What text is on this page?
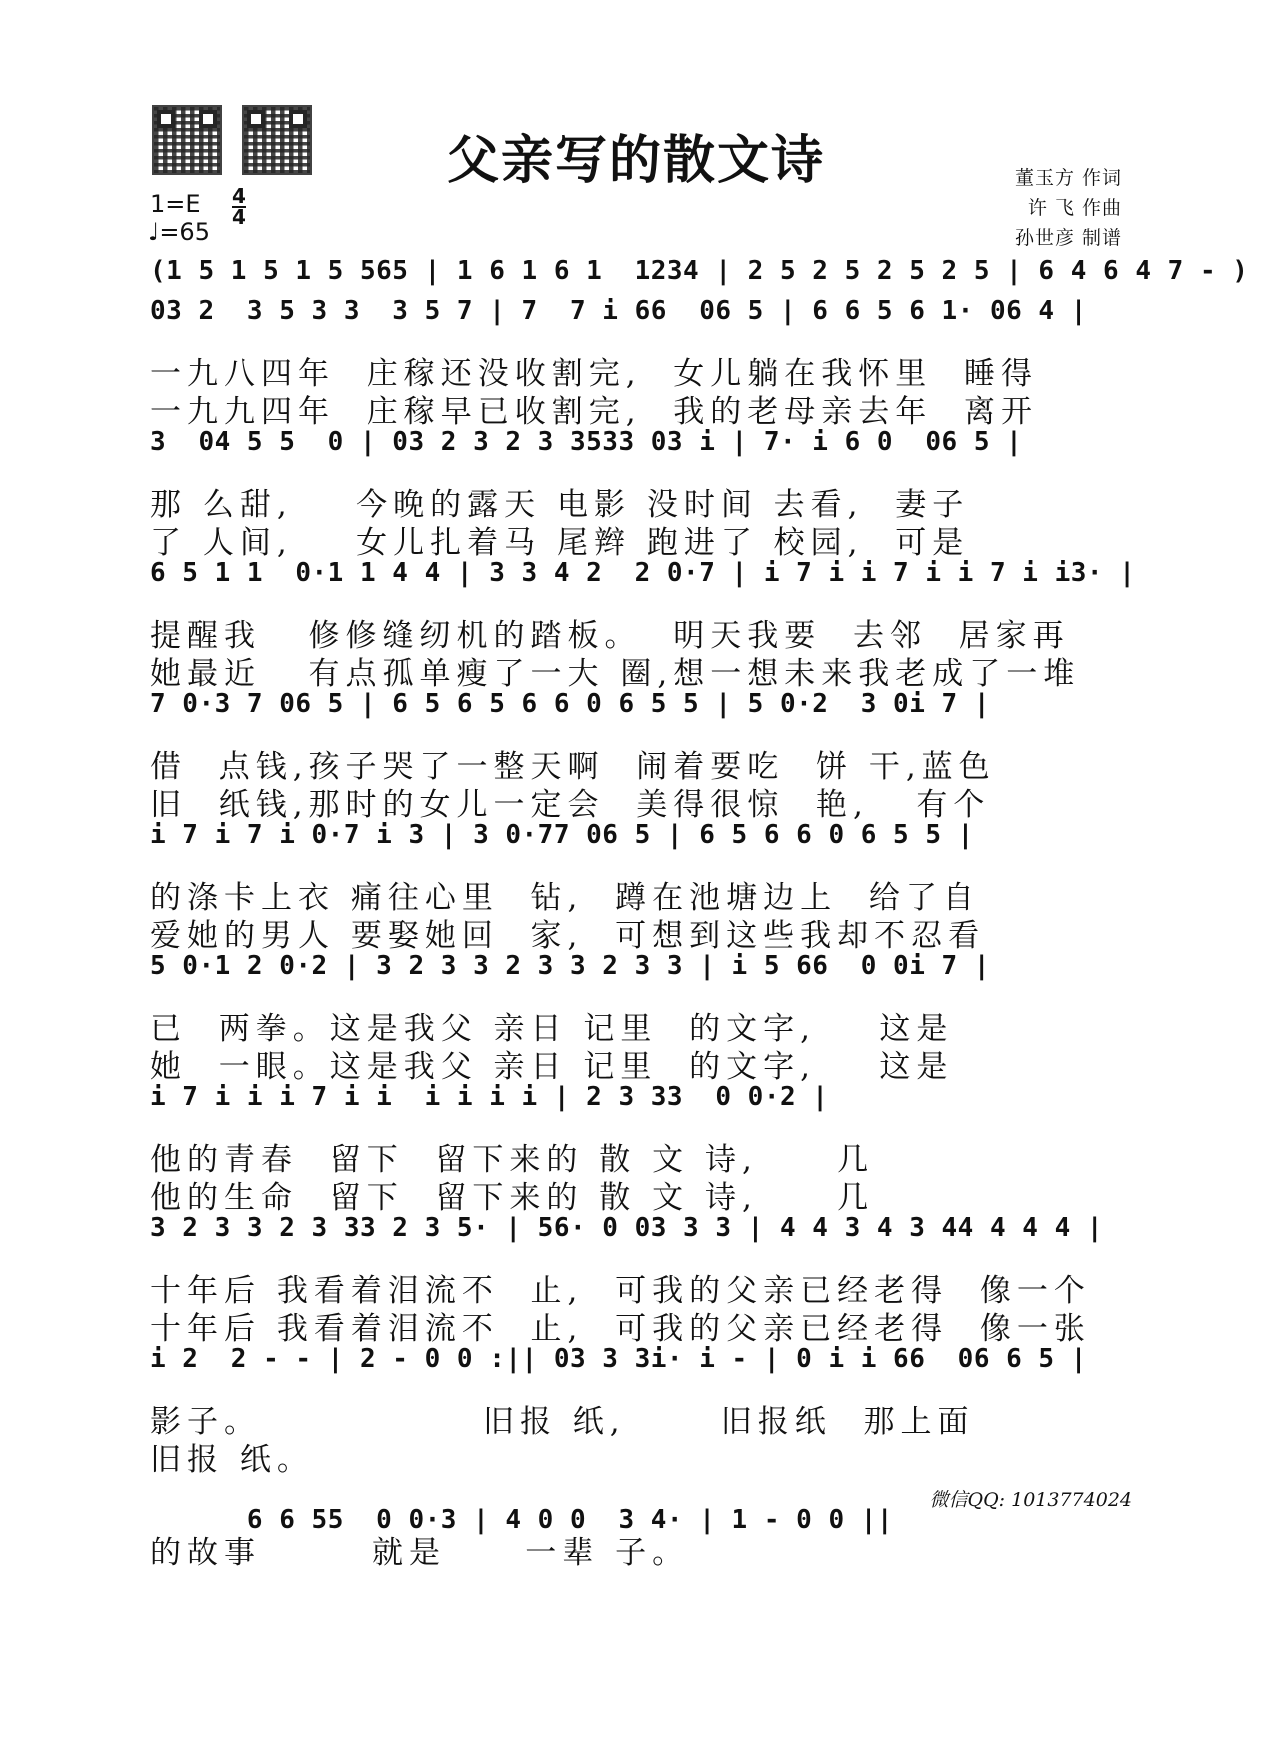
父亲写的散文诗
1=E 4
4
♩=65
董玉方 作词
许 飞 作曲
孙世彦 制谱
(1 5 1 5 1 5 565 | 1 6 1 6 1  1234 | 2 5 2 5 2 5 2 5 | 6 4 6 4 7 - )
03 2  3 5 3 3  3 5 7 | 7  7 i 66  06 5 | 6 6 5 6 1· 06 4 |
一九八四年  庄稼还没收割完,  女儿躺在我怀里  睡得
一九九四年  庄稼早已收割完,  我的老母亲去年  离开
3  04 5 5  0 | 03 2 3 2 3 3533 03 i | 7· i 6 0  06 5 |
那 么甜,    今晚的露天 电影 没时间 去看,  妻子
了 人间,    女儿扎着马 尾辫 跑进了 校园,  可是
6 5 1 1  0·1 1 4 4 | 3 3 4 2  2 0·7 | i 7 i i 7 i i 7 i i3· |
提醒我   修修缝纫机的踏板。  明天我要  去邻  居家再
她最近   有点孤单瘦了一大 圈,想一想未来我老成了一堆
7 0·3 7 06 5 | 6 5 6 5 6 6 0 6 5 5 | 5 0·2  3 0i 7 |
借  点钱,孩子哭了一整天啊  闹着要吃  饼 干,蓝色
旧  纸钱,那时的女儿一定会  美得很惊  艳,   有个
i 7 i 7 i 0·7 i 3 | 3 0·77 06 5 | 6 5 6 6 0 6 5 5 |
的涤卡上衣 痛往心里  钻,  蹲在池塘边上  给了自
爱她的男人 要娶她回  家,  可想到这些我却不忍看
5 0·1 2 0·2 | 3 2 3 3 2 3 3 2 3 3 | i 5 66  0 0i 7 |
已  两拳。这是我父 亲日 记里  的文字,    这是
她  一眼。这是我父 亲日 记里  的文字,    这是
i 7 i i i 7 i i  i i i i | 2 3 33  0 0·2 |
他的青春  留下  留下来的 散 文 诗,     几
他的生命  留下  留下来的 散 文 诗,     几
3 2 3 3 2 3 33 2 3 5· | 56· 0 03 3 3 | 4 4 3 4 3 44 4 4 4 |
十年后 我看着泪流不  止,  可我的父亲已经老得  像一个
十年后 我看着泪流不  止,  可我的父亲已经老得  像一张
i 2  2 - - | 2 - 0 0 :|| 03 3 3i· i - | 0 i i 66  06 6 5 |
影子。              旧报 纸,      旧报纸  那上面
旧报 纸。

6 6 55  0 0·3 | 4 0 0  3 4· | 1 - 0 0 ||

微信QQ: 1013774024

的故事       就是     一辈 子。
